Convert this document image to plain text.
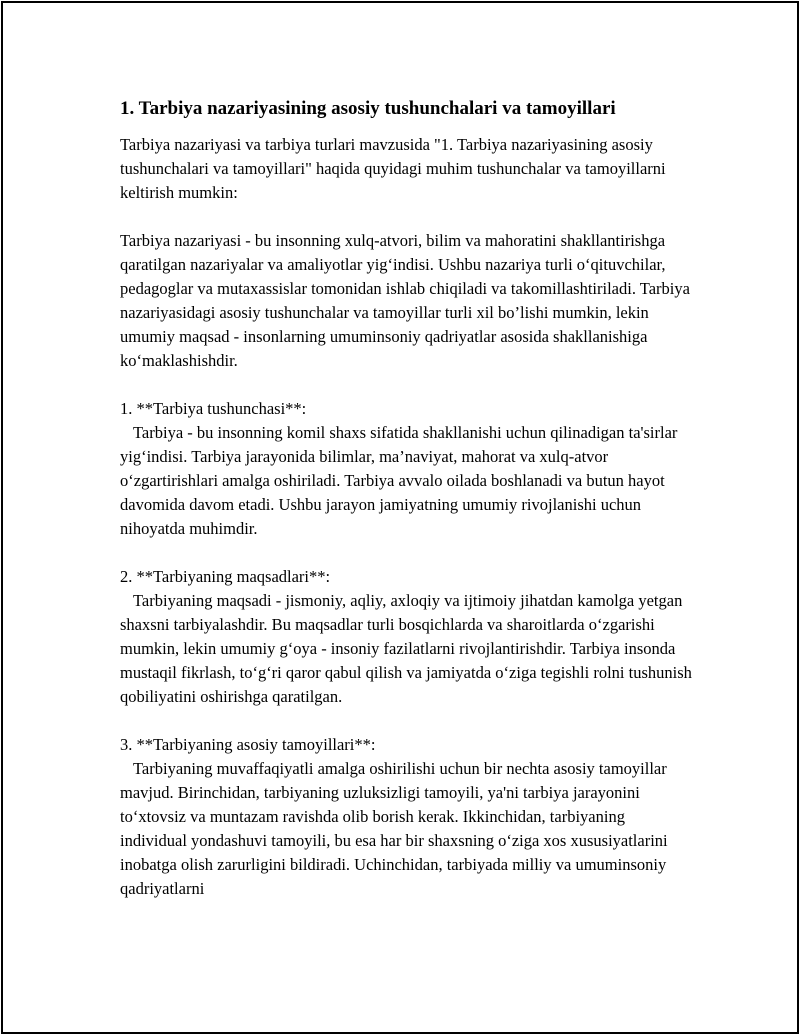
1. Tarbiya nazariyasining asosiy tushunchalari va tamoyillari

Tarbiya nazariyasi va tarbiya turlari mavzusida "1. Tarbiya nazariyasining asosiy tushunchalari va tamoyillari" haqida quyidagi muhim tushunchalar va tamoyillarni keltirish mumkin:

Tarbiya nazariyasi - bu insonning xulq-atvori, bilim va mahoratini shakllantirishga qaratilgan nazariyalar va amaliyotlar yig‘indisi. Ushbu nazariya turli o‘qituvchilar, pedagoglar va mutaxassislar tomonidan ishlab chiqiladi va takomillashtiriladi. Tarbiya nazariyasidagi asosiy tushunchalar va tamoyillar turli xil bo’lishi mumkin, lekin umumiy maqsad - insonlarning umuminsoniy qadriyatlar asosida shakllanishiga ko‘maklashishdir.

1. **Tarbiya tushunchasi**:

Tarbiya - bu insonning komil shaxs sifatida shakllanishi uchun qilinadigan ta'sirlar yig‘indisi. Tarbiya jarayonida bilimlar, ma’naviyat, mahorat va xulq-atvor o‘zgartirishlari amalga oshiriladi. Tarbiya avvalo oilada boshlanadi va butun hayot davomida davom etadi. Ushbu jarayon jamiyatning umumiy rivojlanishi uchun nihoyatda muhimdir.

2. **Tarbiyaning maqsadlari**:

Tarbiyaning maqsadi - jismoniy, aqliy, axloqiy va ijtimoiy jihatdan kamolga yetgan shaxsni tarbiyalashdir. Bu maqsadlar turli bosqichlarda va sharoitlarda o‘zgarishi mumkin, lekin umumiy g‘oya - insoniy fazilatlarni rivojlantirishdir. Tarbiya insonda mustaqil fikrlash, to‘g‘ri qaror qabul qilish va jamiyatda o‘ziga tegishli rolni tushunish qobiliyatini oshirishga qaratilgan.

3. **Tarbiyaning asosiy tamoyillari**:

Tarbiyaning muvaffaqiyatli amalga oshirilishi uchun bir nechta asosiy tamoyillar mavjud. Birinchidan, tarbiyaning uzluksizligi tamoyili, ya'ni tarbiya jarayonini to‘xtovsiz va muntazam ravishda olib borish kerak. Ikkinchidan, tarbiyaning individual yondashuvi tamoyili, bu esa har bir shaxsning o‘ziga xos xususiyatlarini inobatga olish zarurligini bildiradi. Uchinchidan, tarbiyada milliy va umuminsoniy qadriyatlarni
